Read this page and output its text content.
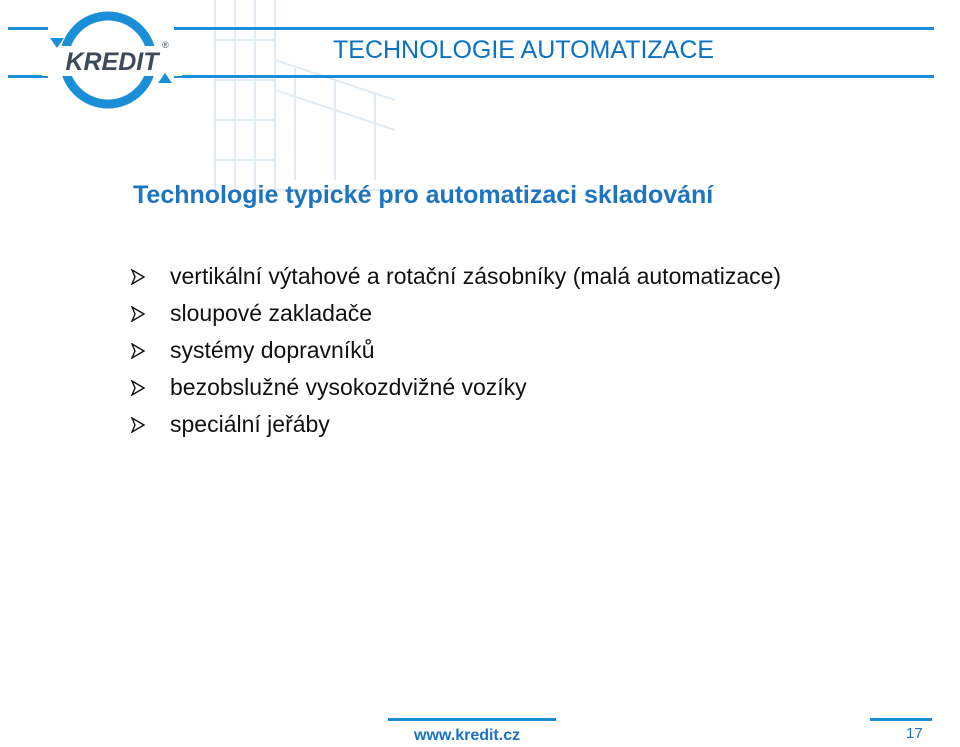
KREDIT
®	TECHNOLOGIE AUTOMATIZACE
Technologie typické pro automatizaci skladování
vertikální výtahové a rotační zásobníky (malá automatizace)
sloupové zakladače
systémy dopravníků
bezobslužné vysokozdvižné vozíky
speciální jeřáby
www.kredit.cz	17
